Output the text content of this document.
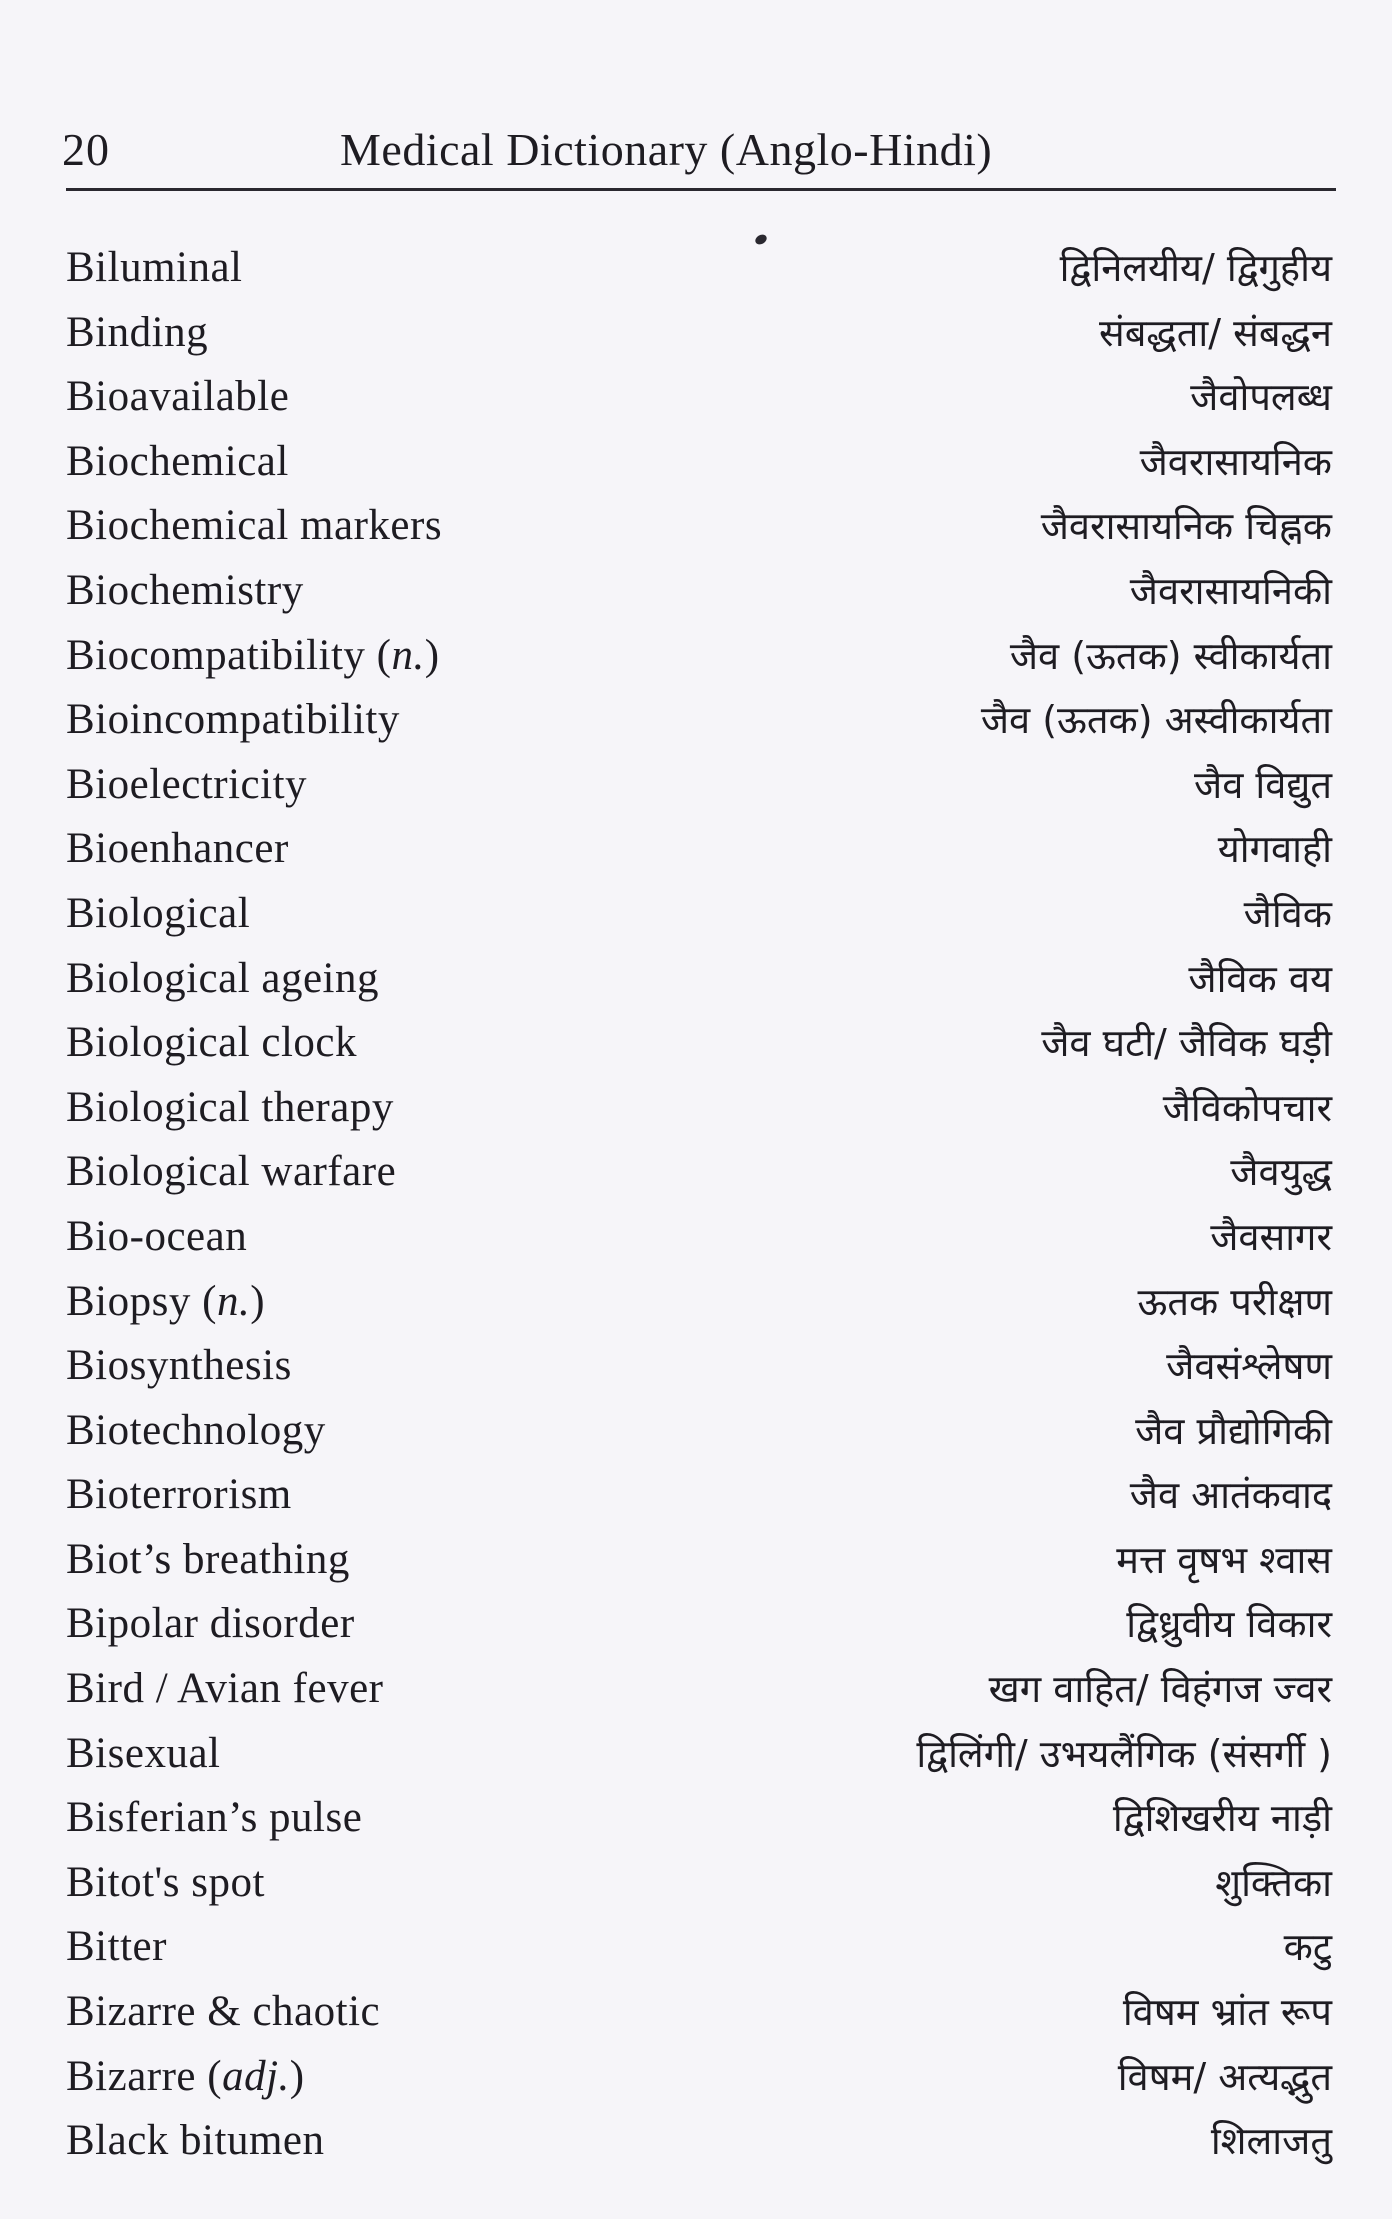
20	Medical Dictionary (Anglo-Hindi)
Biluminal	द्विनिलयीय/ द्विगुहीय
Binding	संबद्धता/ संबद्धन
Bioavailable	जैवोपलब्ध
Biochemical	जैवरासायनिक
Biochemical markers	जैवरासायनिक चिह्नक
Biochemistry	जैवरासायनिकी
Biocompatibility (n.)	जैव (ऊतक) स्वीकार्यता
Bioincompatibility	जैव (ऊतक) अस्वीकार्यता
Bioelectricity	जैव विद्युत
Bioenhancer	योगवाही
Biological	जैविक
Biological ageing	जैविक वय
Biological clock	जैव घटी/ जैविक घड़ी
Biological therapy	जैविकोपचार
Biological warfare	जैवयुद्ध
Bio-ocean	जैवसागर
Biopsy (n.)	ऊतक परीक्षण
Biosynthesis	जैवसंश्लेषण
Biotechnology	जैव प्रौद्योगिकी
Bioterrorism	जैव आतंकवाद
Biot’s breathing	मत्त वृषभ श्वास
Bipolar disorder	द्विध्रुवीय विकार
Bird / Avian fever	खग वाहित/ विहंगज ज्वर
Bisexual	द्विलिंगी/ उभयलैंगिक (संसर्गी )
Bisferian’s pulse	द्विशिखरीय नाड़ी
Bitot's spot	शुक्तिका
Bitter	कटु
Bizarre & chaotic	विषम भ्रांत रूप
Bizarre (adj.)	विषम/ अत्यद्भुत
Black bitumen	शिलाजतु
